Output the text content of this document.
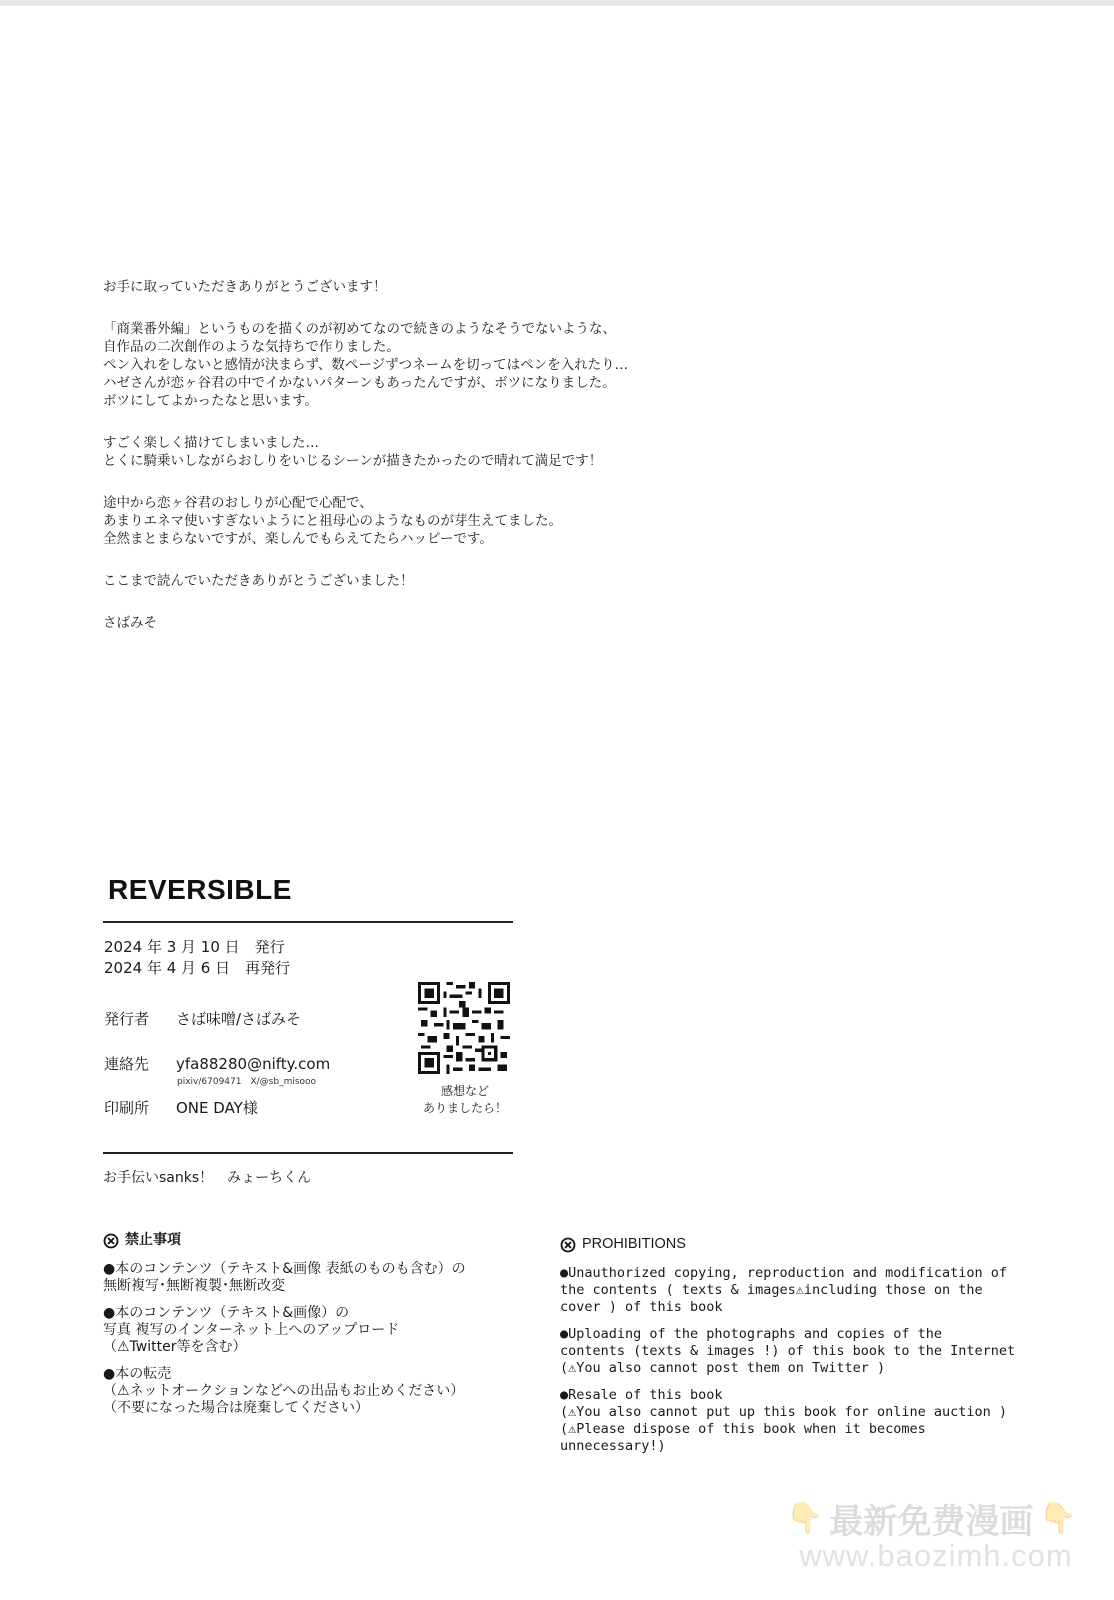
お手に取っていただきありがとうございます！

「商業番外編」というものを描くのが初めてなので続きのようなそうでないような、
自作品の二次創作のような気持ちで作りました。
ペン入れをしないと感情が決まらず、数ページずつネームを切ってはペンを入れたり…
ハゼさんが恋ヶ谷君の中でイかないパターンもあったんですが、ボツになりました。
ボツにしてよかったなと思います。

すごく楽しく描けてしまいました…
とくに騎乗いしながらおしりをいじるシーンが描きたかったので晴れて満足です！

途中から恋ヶ谷君のおしりが心配で心配で、
あまりエネマ使いすぎないようにと祖母心のようなものが芽生えてました。
全然まとまらないですが、楽しんでもらえてたらハッピーです。

ここまで読んでいただきありがとうございました！

さばみそ

REVERSIBLE
2024 年 3 月 10 日　発行
2024 年 4 月 6 日　再発行
発行者 さば味噌/さばみそ
連絡先 yfa88280@nifty.com
pixiv/6709471　X/@sb_misooo
印刷所 ONE DAY様
感想など
ありましたら！
お手伝いsanks！　みょーちくん
禁止事項
●本のコンテンツ（テキスト&画像 表紙のものも含む）の
無断複写･無断複製･無断改変
●本のコンテンツ（テキスト&画像）の
写真 複写のインターネット上へのアップロード
（⚠Twitter等を含む）
●本の転売
（⚠ネットオークションなどへの出品もお止めください）
（不要になった場合は廃棄してください）
PROHIBITIONS
●Unauthorized copying, reproduction and modification of
the contents ( texts & images⚠including those on the
cover ) of this book
●Uploading of the photographs and copies of the
contents (texts & images !) of this book to the Internet
(⚠You also cannot post them on Twitter )
●Resale of this book
(⚠You also cannot put up this book for online auction )
(⚠Please dispose of this book when it becomes
unnecessary!)
👇 最新免费漫画 👇
www.baozimh.com
